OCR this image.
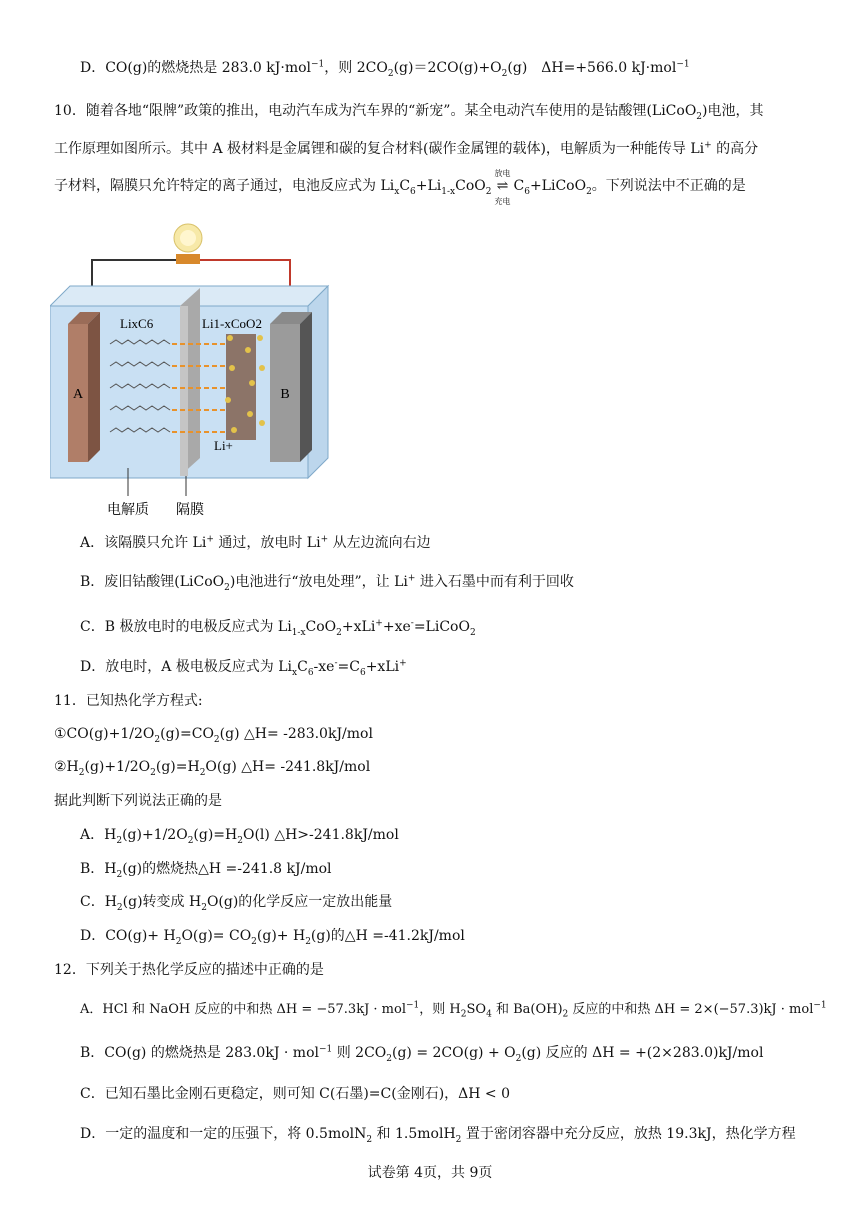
D．CO(g)的燃烧热是 283.0 kJ·mol$^{-1}$，则 $2CO_2(g)=2CO(g)+O_2(g)$　ΔH=+566.0 kJ·mol$^{-1}$
10．随着各地“限牌”政策的推出，电动汽车成为汽车界的“新宠”。某全电动汽车使用的是钴酸锂(LiCoO$_2$)电池，其
工作原理如图所示。其中 A 极材料是金属锂和碳的复合材料(碳作金属锂的载体)，电解质为一种能传导 Li+ 的高分
子材料，隔膜只允许特定的离子通过，电池反应式为 $Li_xC_6+Li_{1-x}CoO_2$
放电
⇌
充电
$C_6+LiCoO_2$。下列说法中不正确的是
A	B
LixC6	Li1-xCoO2
Li+
电解质 隔膜
A．该隔膜只允许 Li+ 通过，放电时 Li+ 从左边流向右边
B．废旧钴酸锂(LiCoO$_2$)电池进行“放电处理”，让 Li+ 进入石墨中而有利于回收
C．B 极放电时的电极反应式为 $Li_{1-x}CoO_2+xLi^++xe^-=LiCoO_2$
D．放电时，A 极电极反应式为 $Li_xC_6-xe^-=C_6+xLi^+$
11．已知热化学方程式:
$①CO(g)+1/2O_2(g)=CO_2(g)$ △H= -283.0kJ/mol
$②H_2(g)+1/2O_2(g)=H_2O(g)$ △H= -241.8kJ/mol
据此判断下列说法正确的是
A．$H_2(g)+1/2O_2(g)=H_2O(l)$ △H>-241.8kJ/mol
B．$H_2(g)$的燃烧热△H =-241.8 kJ/mol
C．$H_2(g)$转变成 $H_2O(g)$的化学反应一定放出能量
D．$CO(g)+ H_2O(g)= CO_2(g)+ H_2(g)$的△H =-41.2kJ/mol
12．下列关于热化学反应的描述中正确的是
A．HCl 和 NaOH 反应的中和热 ΔH = −57.3kJ · mol$^{-1}$，则 $H_2SO_4$ 和 $Ba(OH)_2$ 反应的中和热 ΔH = 2×(−57.3)kJ · mol$^{-1}$
B．CO(g) 的燃烧热是 283.0kJ · mol$^{-1}$ 则 $2CO_2(g) = 2CO(g) + O_2(g)$ 反应的 ΔH = +(2×283.0)kJ/mol
C．已知石墨比金刚石更稳定，则可知 C(石墨)=C(金刚石)，ΔH < 0
D．一定的温度和一定的压强下，将 0.5molN$_2$ 和 1.5molH$_2$ 置于密闭容器中充分反应，放热 19.3kJ，热化学方程
试卷第 4页，共 9页
